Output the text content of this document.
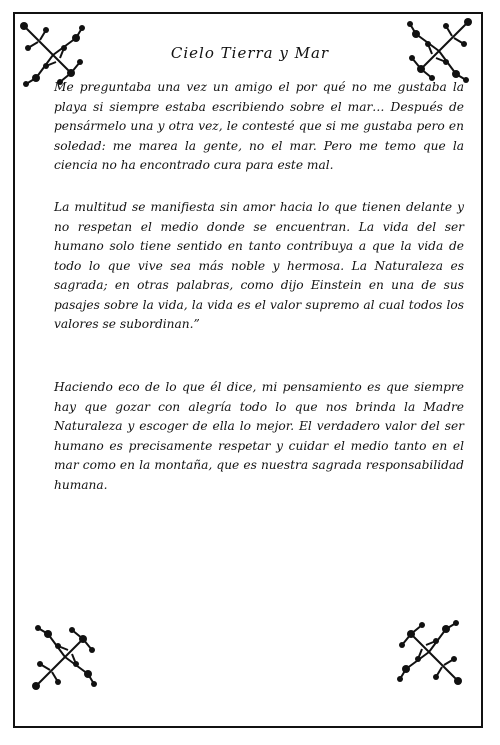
Cielo Tierra y Mar
Me preguntaba una vez un amigo el por qué no me gustaba la playa si siempre estaba escribiendo sobre el mar… Después de pensármelo una y otra vez, le contesté que si me gustaba pero en soledad: me marea la gente, no el mar. Pero me temo que la ciencia no ha encontrado cura para este mal.
La multitud se manifiesta sin amor hacia lo que tienen delante y no respetan el medio donde se encuentran. La vida del ser humano solo tiene sentido en tanto contribuya a que la vida de todo lo que vive sea más noble y hermosa. La Naturaleza es sagrada; en otras palabras, como dijo Einstein en una de sus pasajes sobre la vida, la vida es el valor supremo al cual todos los valores se subordinan.”
Haciendo eco de lo que él dice, mi pensamiento es que siempre hay que gozar con alegría todo lo que nos brinda la Madre Naturaleza y escoger de ella lo mejor. El verdadero valor del ser humano es precisamente respetar y cuidar el medio tanto en el mar como en la montaña, que es nuestra sagrada responsabilidad humana.
